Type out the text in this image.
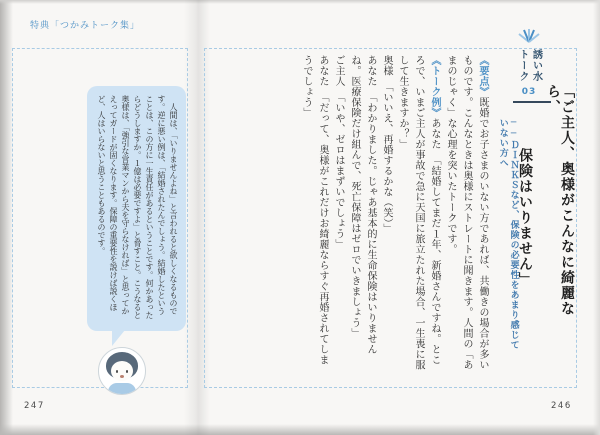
特典「つかみトーク集」
　人間は、「いりませんよね」と言われると欲しくなるものです。逆に悪い例は、「結婚されたんでしょう。結婚したということは、この方に一生責任があるということです。何かあったらどうしますか。１億は必要ですよ」と脅すこと。こうなると奥様は、「強引な営業マンから夫を守らなければ」と思ってかえってガードが固くなります。保障の重要性を説けば説くほど、人はいらないと思うこともあるのです。
247
誘い水トーク
03	「ご主人、奥様がこんなに綺麗なら、
保険はいりません」
──ＤＩＮＫＳなど、保険の必要性をあまり感じていない方へ

《要点》既婚でお子さまのいない方であれば、共働きの場合が多いものです。こんなときは奥様にストレートに聞きます。人間の「あまのじゃく」な心理を突いたトークです。

《トーク例》あなた　「結婚してまだ１年、新婚さんですね。ところで、いまご主人が事故で急に天国に旅立たれた場合、一生喪に服して生きますか？」

奥様　「いいえ、再婚するかな（笑）」

あなた　「わかりました。じゃあ基本的に生命保険はいりませんね。医療保険だけ組んで、死亡保障はゼロでいきましょう」

ご主人　「いや、ゼロはまずいでしょう」

あなた　「だって、奥様がこれだけお綺麗ならすぐ再婚されてしまうでしょう」

246
